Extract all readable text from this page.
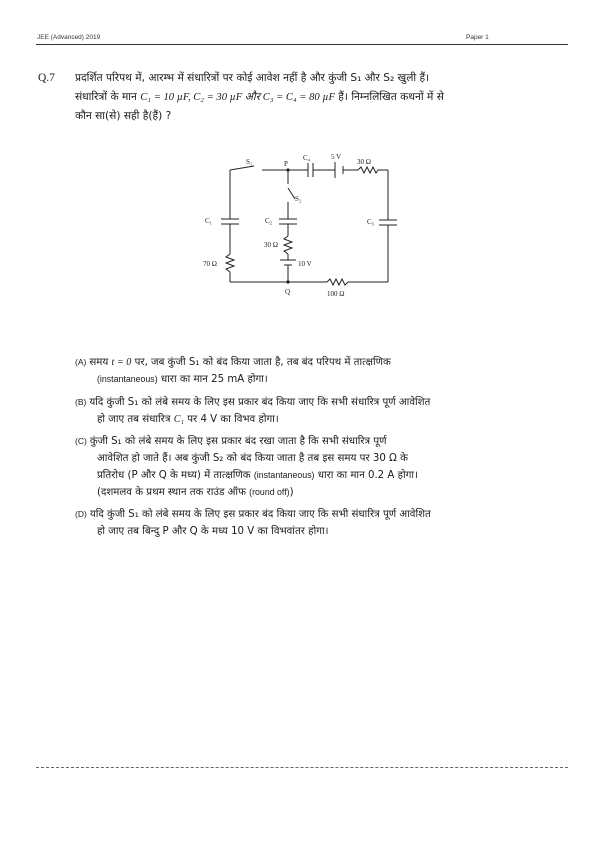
JEE (Advanced) 2019	Paper 1
Q.7 प्रदर्शित परिपथ में, आरम्भ में संधारित्रों पर कोई आवेश नहीं है और कुंजी S₁ और S₂ खुली हैं।
संधारित्रों के मान C₁ = 10 µF, C₂ = 30 µF और C₃ = C₄ = 80 µF हैं। निम्नलिखित कथनों में से
कौन सा(से) सही है(हैं) ?
S₁	P
C₄	5 V
30 Ω
S₂
C₁	C₂	C₃
30 Ω
70 Ω	10 V
Q	100 Ω
(A) समय t = 0 पर, जब कुंजी S₁ को बंद किया जाता है, तब बंद परिपथ में तात्क्षणिक
(instantaneous) धारा का मान 25 mA होगा।
(B) यदि कुंजी S₁ को लंबे समय के लिए इस प्रकार बंद किया जाए कि सभी संधारित्र पूर्ण आवेशित
हो जाए तब संधारित्र C₁ पर 4 V का विभव होगा।
(C) कुंजी S₁ को लंबे समय के लिए इस प्रकार बंद रखा जाता है कि सभी संधारित्र पूर्ण
आवेशित हो जाते हैं। अब कुंजी S₂ को बंद किया जाता है तब इस समय पर 30 Ω के
प्रतिरोध (P और Q के मध्य) में तात्क्षणिक (instantaneous) धारा का मान 0.2 A होगा।
(दशमलव के प्रथम स्थान तक राउंड ऑफ (round off))
(D) यदि कुंजी S₁ को लंबे समय के लिए इस प्रकार बंद किया जाए कि सभी संधारित्र पूर्ण आवेशित
हो जाए तब बिन्दु P और Q के मध्य 10 V का विभवांतर होगा।
